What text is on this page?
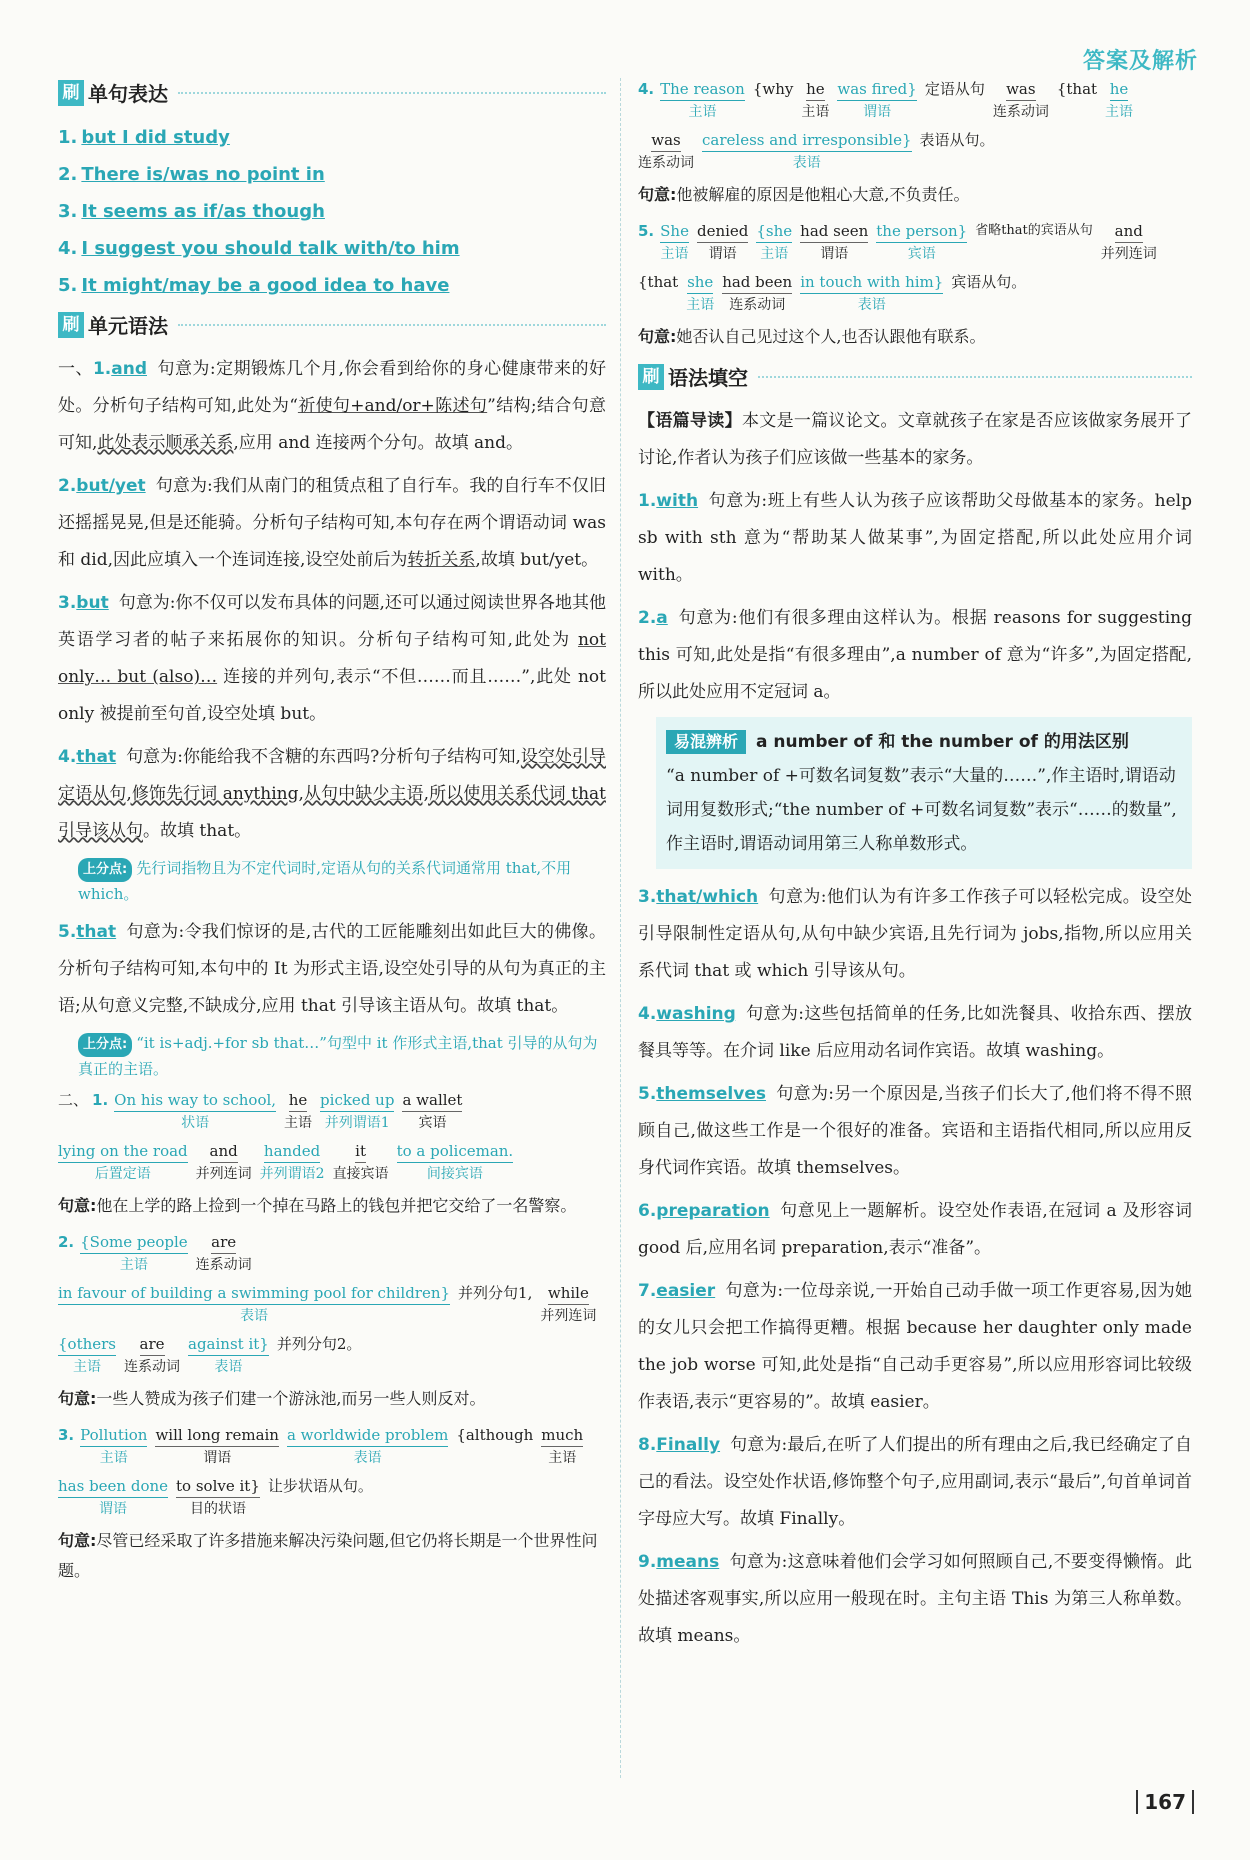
答案及解析
刷 单句表达
1. but I did study
2. There is/was no point in
3. It seems as if/as though
4. I suggest you should talk with/to him
5. It might/may be a good idea to have
刷 单元语法
一、1.and 句意为:定期锻炼几个月,你会看到给你的身心健康带来的好处。分析句子结构可知,此处为“祈使句+and/or+陈述句”结构;结合句意可知,此处表示顺承关系,应用 and 连接两个分句。故填 and。
2.but/yet 句意为:我们从南门的租赁点租了自行车。我的自行车不仅旧还摇摇晃晃,但是还能骑。分析句子结构可知,本句存在两个谓语动词 was 和 did,因此应填入一个连词连接,设空处前后为转折关系,故填 but/yet。
3.but 句意为:你不仅可以发布具体的问题,还可以通过阅读世界各地其他英语学习者的帖子来拓展你的知识。分析句子结构可知,此处为 not only… but (also)… 连接的并列句,表示“不但……而且……”,此处 not only 被提前至句首,设空处填 but。
4.that 句意为:你能给我不含糖的东西吗?分析句子结构可知,设空处引导定语从句,修饰先行词 anything,从句中缺少主语,所以使用关系代词 that 引导该从句。故填 that。
上分点: 先行词指物且为不定代词时,定语从句的关系代词通常用 that,不用 which。
5.that 句意为:令我们惊讶的是,古代的工匠能雕刻出如此巨大的佛像。分析句子结构可知,本句中的 It 为形式主语,设空处引导的从句为真正的主语;从句意义完整,不缺成分,应用 that 引导该主语从句。故填 that。
上分点: “it is+adj.+for sb that…”句型中 it 作形式主语,that 引导的从句为真正的主语。
二、 1. On his way to school,
状语
he
主语
picked up
并列谓语1
a wallet
宾语
lying on the road
后置定语
and
并列连词
handed
并列谓语2
it
直接宾语
to a policeman.
间接宾语
句意:他在上学的路上捡到一个掉在马路上的钱包并把它交给了一名警察。
2. {Some people
主语
are
连系动词
in favour of building a swimming pool for children}
表语
并列分句1, while
并列连词
{others
主语
are
连系动词
against it}
表语
并列分句2。
句意:一些人赞成为孩子们建一个游泳池,而另一些人则反对。
3. Pollution
主语
will long remain
谓语
a worldwide problem
表语
{although much
主语
has been done
谓语
to solve it}
目的状语
让步状语从句。
句意:尽管已经采取了许多措施来解决污染问题,但它仍将长期是一个世界性问题。
4. The reason
主语
{why he
主语
was fired}
谓语
定语从句 was
连系动词
{that he
主语
was
连系动词
careless and irresponsible}
表语
表语从句。
句意:他被解雇的原因是他粗心大意,不负责任。
5. She
主语
denied
谓语
{she
主语
had seen
谓语
the person}
宾语
省略that的宾语从句 and
并列连词
{that she
主语
had been
连系动词
in touch with him}
表语
宾语从句。
句意:她否认自己见过这个人,也否认跟他有联系。
刷 语法填空
【语篇导读】本文是一篇议论文。文章就孩子在家是否应该做家务展开了讨论,作者认为孩子们应该做一些基本的家务。
1.with 句意为:班上有些人认为孩子应该帮助父母做基本的家务。help sb with sth 意为“帮助某人做某事”,为固定搭配,所以此处应用介词 with。
2.a 句意为:他们有很多理由这样认为。根据 reasons for suggesting this 可知,此处是指“有很多理由”,a number of 意为“许多”,为固定搭配,所以此处应用不定冠词 a。
易混辨析 a number of 和 the number of 的用法区别
“a number of +可数名词复数”表示“大量的……”,作主语时,谓语动词用复数形式;“the number of +可数名词复数”表示“……的数量”,作主语时,谓语动词用第三人称单数形式。
3.that/which 句意为:他们认为有许多工作孩子可以轻松完成。设空处引导限制性定语从句,从句中缺少宾语,且先行词为 jobs,指物,所以应用关系代词 that 或 which 引导该从句。
4.washing 句意为:这些包括简单的任务,比如洗餐具、收拾东西、摆放餐具等等。在介词 like 后应用动名词作宾语。故填 washing。
5.themselves 句意为:另一个原因是,当孩子们长大了,他们将不得不照顾自己,做这些工作是一个很好的准备。宾语和主语指代相同,所以应用反身代词作宾语。故填 themselves。
6.preparation 句意见上一题解析。设空处作表语,在冠词 a 及形容词 good 后,应用名词 preparation,表示“准备”。
7.easier 句意为:一位母亲说,一开始自己动手做一项工作更容易,因为她的女儿只会把工作搞得更糟。根据 because her daughter only made the job worse 可知,此处是指“自己动手更容易”,所以应用形容词比较级作表语,表示“更容易的”。故填 easier。
8.Finally 句意为:最后,在听了人们提出的所有理由之后,我已经确定了自己的看法。设空处作状语,修饰整个句子,应用副词,表示“最后”,句首单词首字母应大写。故填 Finally。
9.means 句意为:这意味着他们会学习如何照顾自己,不要变得懒惰。此处描述客观事实,所以应用一般现在时。主句主语 This 为第三人称单数。故填 means。
167
